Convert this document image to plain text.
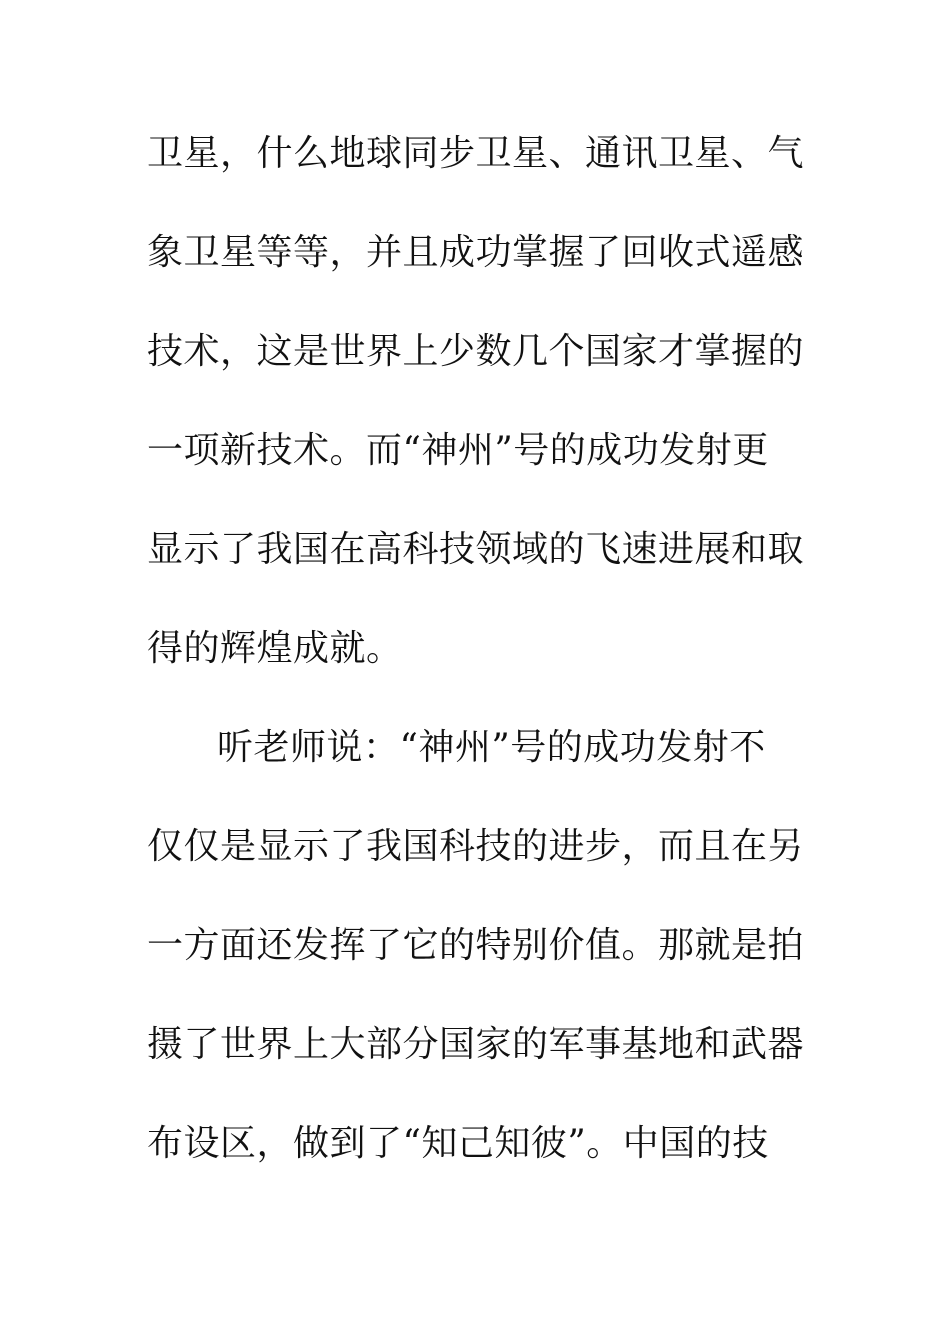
卫星，什么地球同步卫星、通讯卫星、气
象卫星等等，并且成功掌握了回收式遥感
技术，这是世界上少数几个国家才掌握的
一项新技术。而“神州”号的成功发射更
显示了我国在高科技领域的飞速进展和取
得的辉煌成就。
听老师说：“神州”号的成功发射不
仅仅是显示了我国科技的进步，而且在另
一方面还发挥了它的特别价值。那就是拍
摄了世界上大部分国家的军事基地和武器
布设区，做到了“知己知彼”。中国的技
